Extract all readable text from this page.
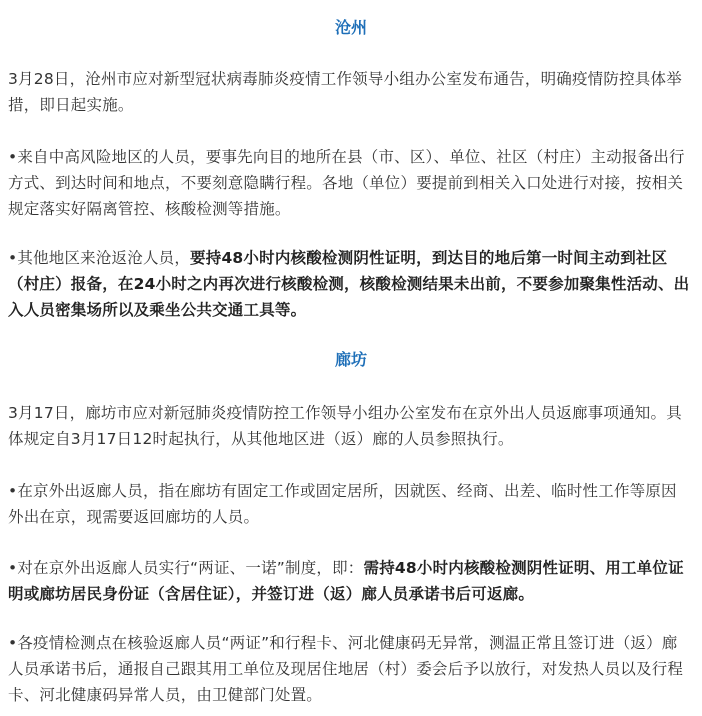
沧州

3月28日，沧州市应对新型冠状病毒肺炎疫情工作领导小组办公室发布通告，明确疫情防控具体举措，即日起实施。

•来自中高风险地区的人员，要事先向目的地所在县（市、区）、单位、社区（村庄）主动报备出行方式、到达时间和地点，不要刻意隐瞒行程。各地（单位）要提前到相关入口处进行对接，按相关规定落实好隔离管控、核酸检测等措施。

•其他地区来沧返沧人员，要持48小时内核酸检测阴性证明，到达目的地后第一时间主动到社区（村庄）报备，在24小时之内再次进行核酸检测，核酸检测结果未出前，不要参加聚集性活动、出入人员密集场所以及乘坐公共交通工具等。

廊坊

3月17日，廊坊市应对新冠肺炎疫情防控工作领导小组办公室发布在京外出人员返廊事项通知。具体规定自3月17日12时起执行，从其他地区进（返）廊的人员参照执行。

•在京外出返廊人员，指在廊坊有固定工作或固定居所，因就医、经商、出差、临时性工作等原因外出在京，现需要返回廊坊的人员。

•对在京外出返廊人员实行“两证、一诺”制度，即：需持48小时内核酸检测阴性证明、用工单位证明或廊坊居民身份证（含居住证），并签订进（返）廊人员承诺书后可返廊。

•各疫情检测点在核验返廊人员“两证”和行程卡、河北健康码无异常，测温正常且签订进（返）廊人员承诺书后，通报自己跟其用工单位及现居住地居（村）委会后予以放行，对发热人员以及行程卡、河北健康码异常人员，由卫健部门处置。
